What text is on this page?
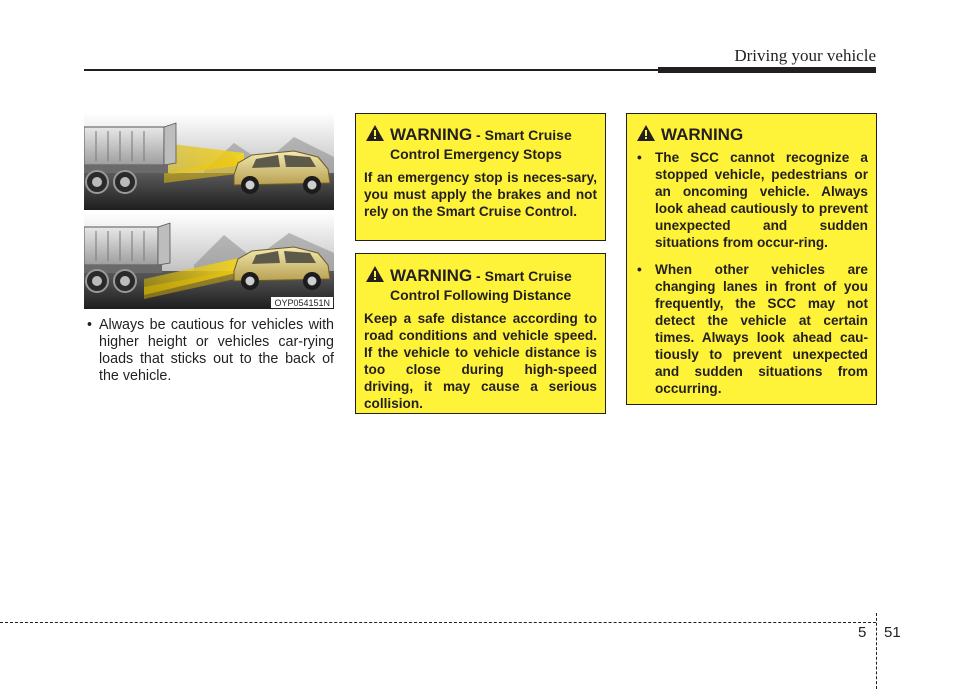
Driving your vehicle
OYP054151N
• Always be cautious for vehicles with higher height or vehicles car-rying loads that sticks out to the back of the vehicle.
WARNING - Smart Cruise
Control Emergency Stops
If an emergency stop is neces-sary, you must apply the brakes and not rely on the Smart Cruise Control.
WARNING - Smart Cruise
Control Following Distance
Keep a safe distance according to road conditions and vehicle speed. If the vehicle to vehicle distance is too close during high-speed driving, it may cause a serious collision.
WARNING
• The SCC cannot recognize a stopped vehicle, pedestrians or an oncoming vehicle. Always look ahead cautiously to prevent unexpected and sudden situations from occur-ring.
• When other vehicles are changing lanes in front of you frequently, the SCC may not detect the vehicle at certain times. Always look ahead cau-tiously to prevent unexpected and sudden situations from occurring.
5 51
